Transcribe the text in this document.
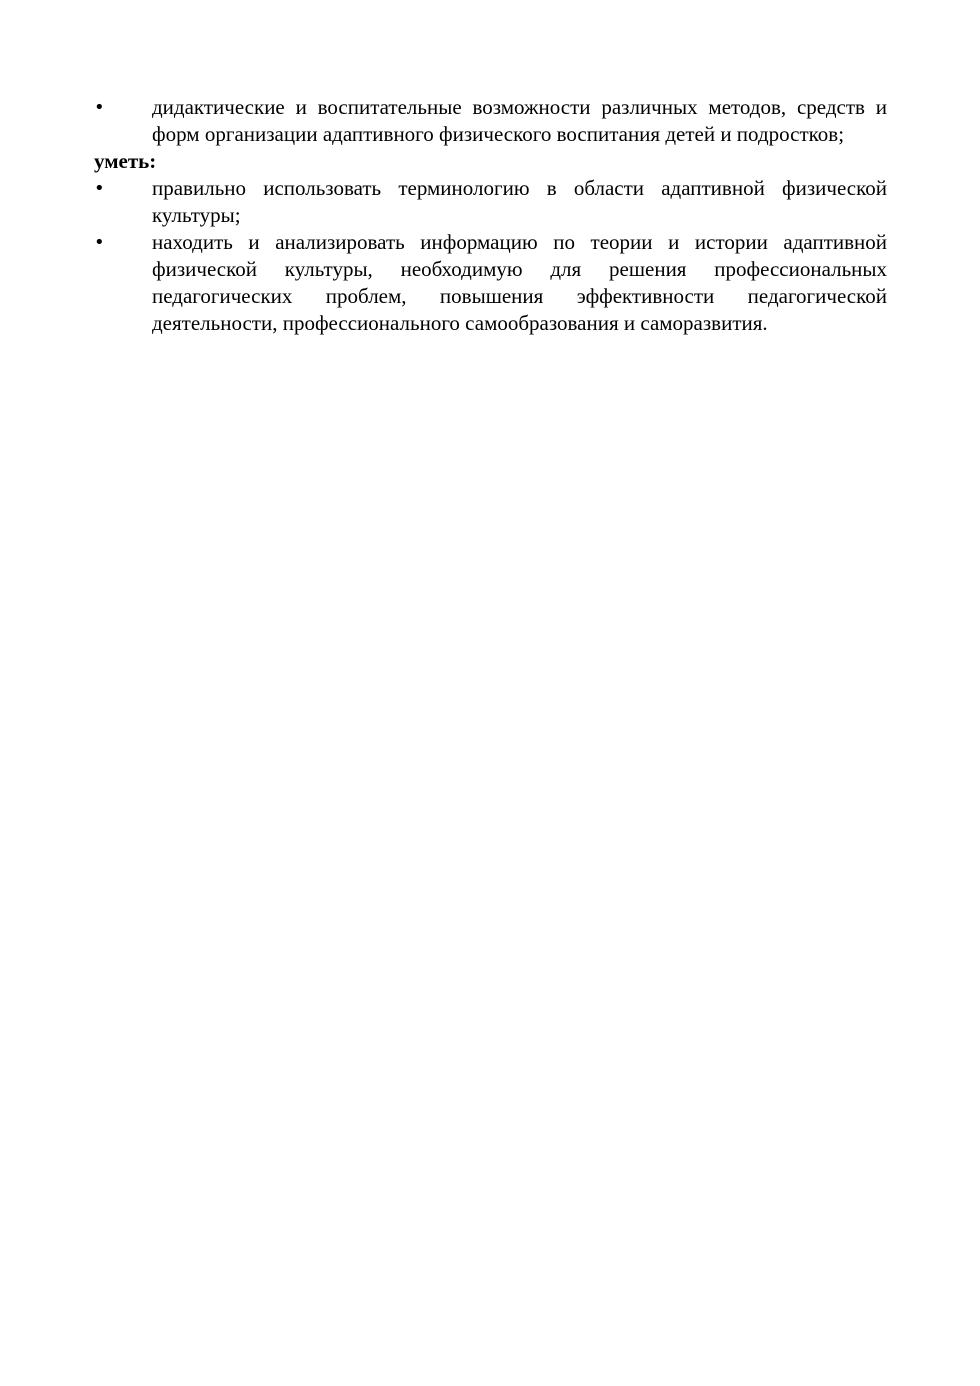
•	дидактические и воспитательные возможности различных методов, средств и форм организации адаптивного физического воспитания детей и подростков;

уметь:

•	правильно использовать терминологию в области адаптивной физической культуры;
•	находить и анализировать информацию по теории и истории адаптивной физической культуры, необходимую для решения профессиональных педагогических проблем, повышения эффективности педагогической деятельности, профессионального самообразования и саморазвития.
